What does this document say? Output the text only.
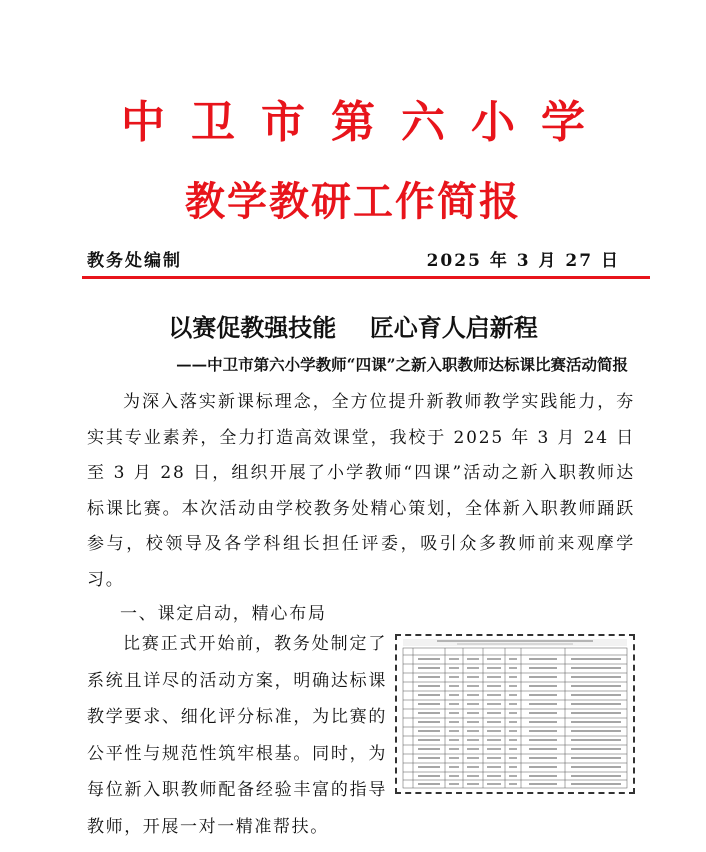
中卫市第六小学
教学教研工作简报
教务处编制	2025 年 3 月 27 日
以赛促教强技能    匠心育人启新程
——中卫市第六小学教师“四课”之新入职教师达标课比赛活动简报

为深入落实新课标理念，全方位提升新教师教学实践能力，夯实其专业素养，全力打造高效课堂，我校于 2025 年 3 月 24 日至 3 月 28 日，组织开展了小学教师“四课”活动之新入职教师达标课比赛。本次活动由学校教务处精心策划，全体新入职教师踊跃参与，校领导及各学科组长担任评委，吸引众多教师前来观摩学习。

一、课定启动，精心布局

比赛正式开始前，教务处制定了系统且详尽的活动方案，明确达标课教学要求、细化评分标准，为比赛的公平性与规范性筑牢根基。同时，为每位新入职教师配备经验丰富的指导教师，开展一对一精准帮扶。
